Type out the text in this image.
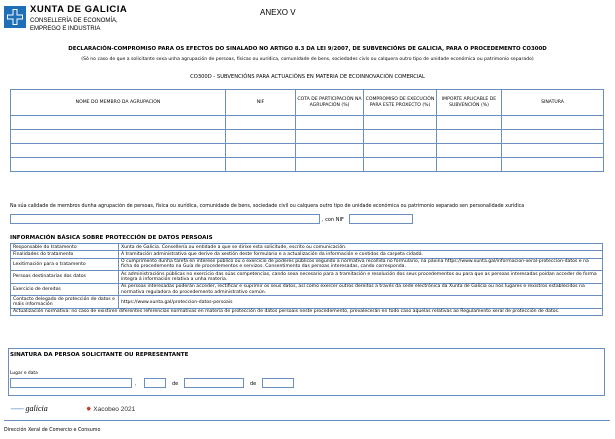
XUNTA DE GALICIA
CONSELLERÍA DE ECONOMÍA,
EMPREGO E INDUSTRIA
ANEXO V
DECLARACIÓN-COMPROMISO PARA OS EFECTOS DO SINALADO NO ARTIGO 8.3 DA LEI 9/2007, DE SUBVENCIÓNS DE GALICIA, PARA O PROCEDEMENTO CO300D
(Só no caso de que a solicitante sexa unha agrupación de persoas, físicas ou xurídica, comunidade de bens, sociedades civís ou calquera outro tipo de unidade económica ou patrimonio separado)
CO300D - SUBVENCIÓNS PARA ACTUACIÓNS EN MATERIA DE ECOINNOVACIÓN COMERCIAL
NOME DO MEMBRO DA AGRUPACIÓN	NIF	COTA DE PARTICIPACIÓN NA AGRUPACIÓN (%)	COMPROMISO DE EXECUCIÓN PARA ESTE PROXECTO (%)	IMPORTE APLICABLE DE SUBVENCIÓN (%)	SINATURA

Na súa calidade de membros dunha agrupación de persoas, física ou xurídica, comunidade de bens, sociedade civil ou calquera outro tipo de unidade económica ou patrimonio separado sen personalidade xurídica
, con NIF
INFORMACIÓN BÁSICA SOBRE PROTECCIÓN DE DATOS PERSOAIS
Responsable do tratamento	Xunta de Galicia. Consellería ou entidade a que se dirixe esta solicitude, escrito ou comunicación.
Finalidades do tratamento	A tramitación administrativa que derive da xestión deste formulario e a actualización da información e contidos da carpeta cidadá.
Lexitimación para o tratamento	O cumprimento dunha tarefa en interese público ou o exercicio de poderes públicos segundo a normativa recollida no formulario, na páxina https://www.xunta.gal/informacion-xeral-proteccion-datos e na ficha do procedemento na Guía de procedementos e servizos. Consentimento das persoas interesadas, cando corresponda.
Persoas destinatarias dos datos	As administracións públicas no exercicio das súas competencias, cando sexa necesario para a tramitación e resolución dos seus procedementos ou para que as persoas interesadas poidan acceder de forma íntegra á información relativa a unha materia.
Exercicio de dereitos	As persoas interesadas poderán acceder, rectificar e suprimir os seus datos, así como exercer outros dereitos a través da sede electrónica da Xunta de Galicia ou nos lugares e rexistros establecidos na normativa reguladora do procedemento administrativo común.
Contacto delegado de protección de datos e máis información	https://www.xunta.gal/proteccion-datos-persoais
Actualización normativa: no caso de existiren diferentes referencias normativas en materia de protección de datos persoais neste procedemento, prevalecerán en todo caso aquelas relativas ao Regulamento xeral de protección de datos.	
SINATURA DA PERSOA SOLICITANTE OU REPRESENTANTE
Lugar e data
,	de	de
⸺ galicia	✸ Xacobeo 2021
Dirección Xeral de Comercio e Consumo
